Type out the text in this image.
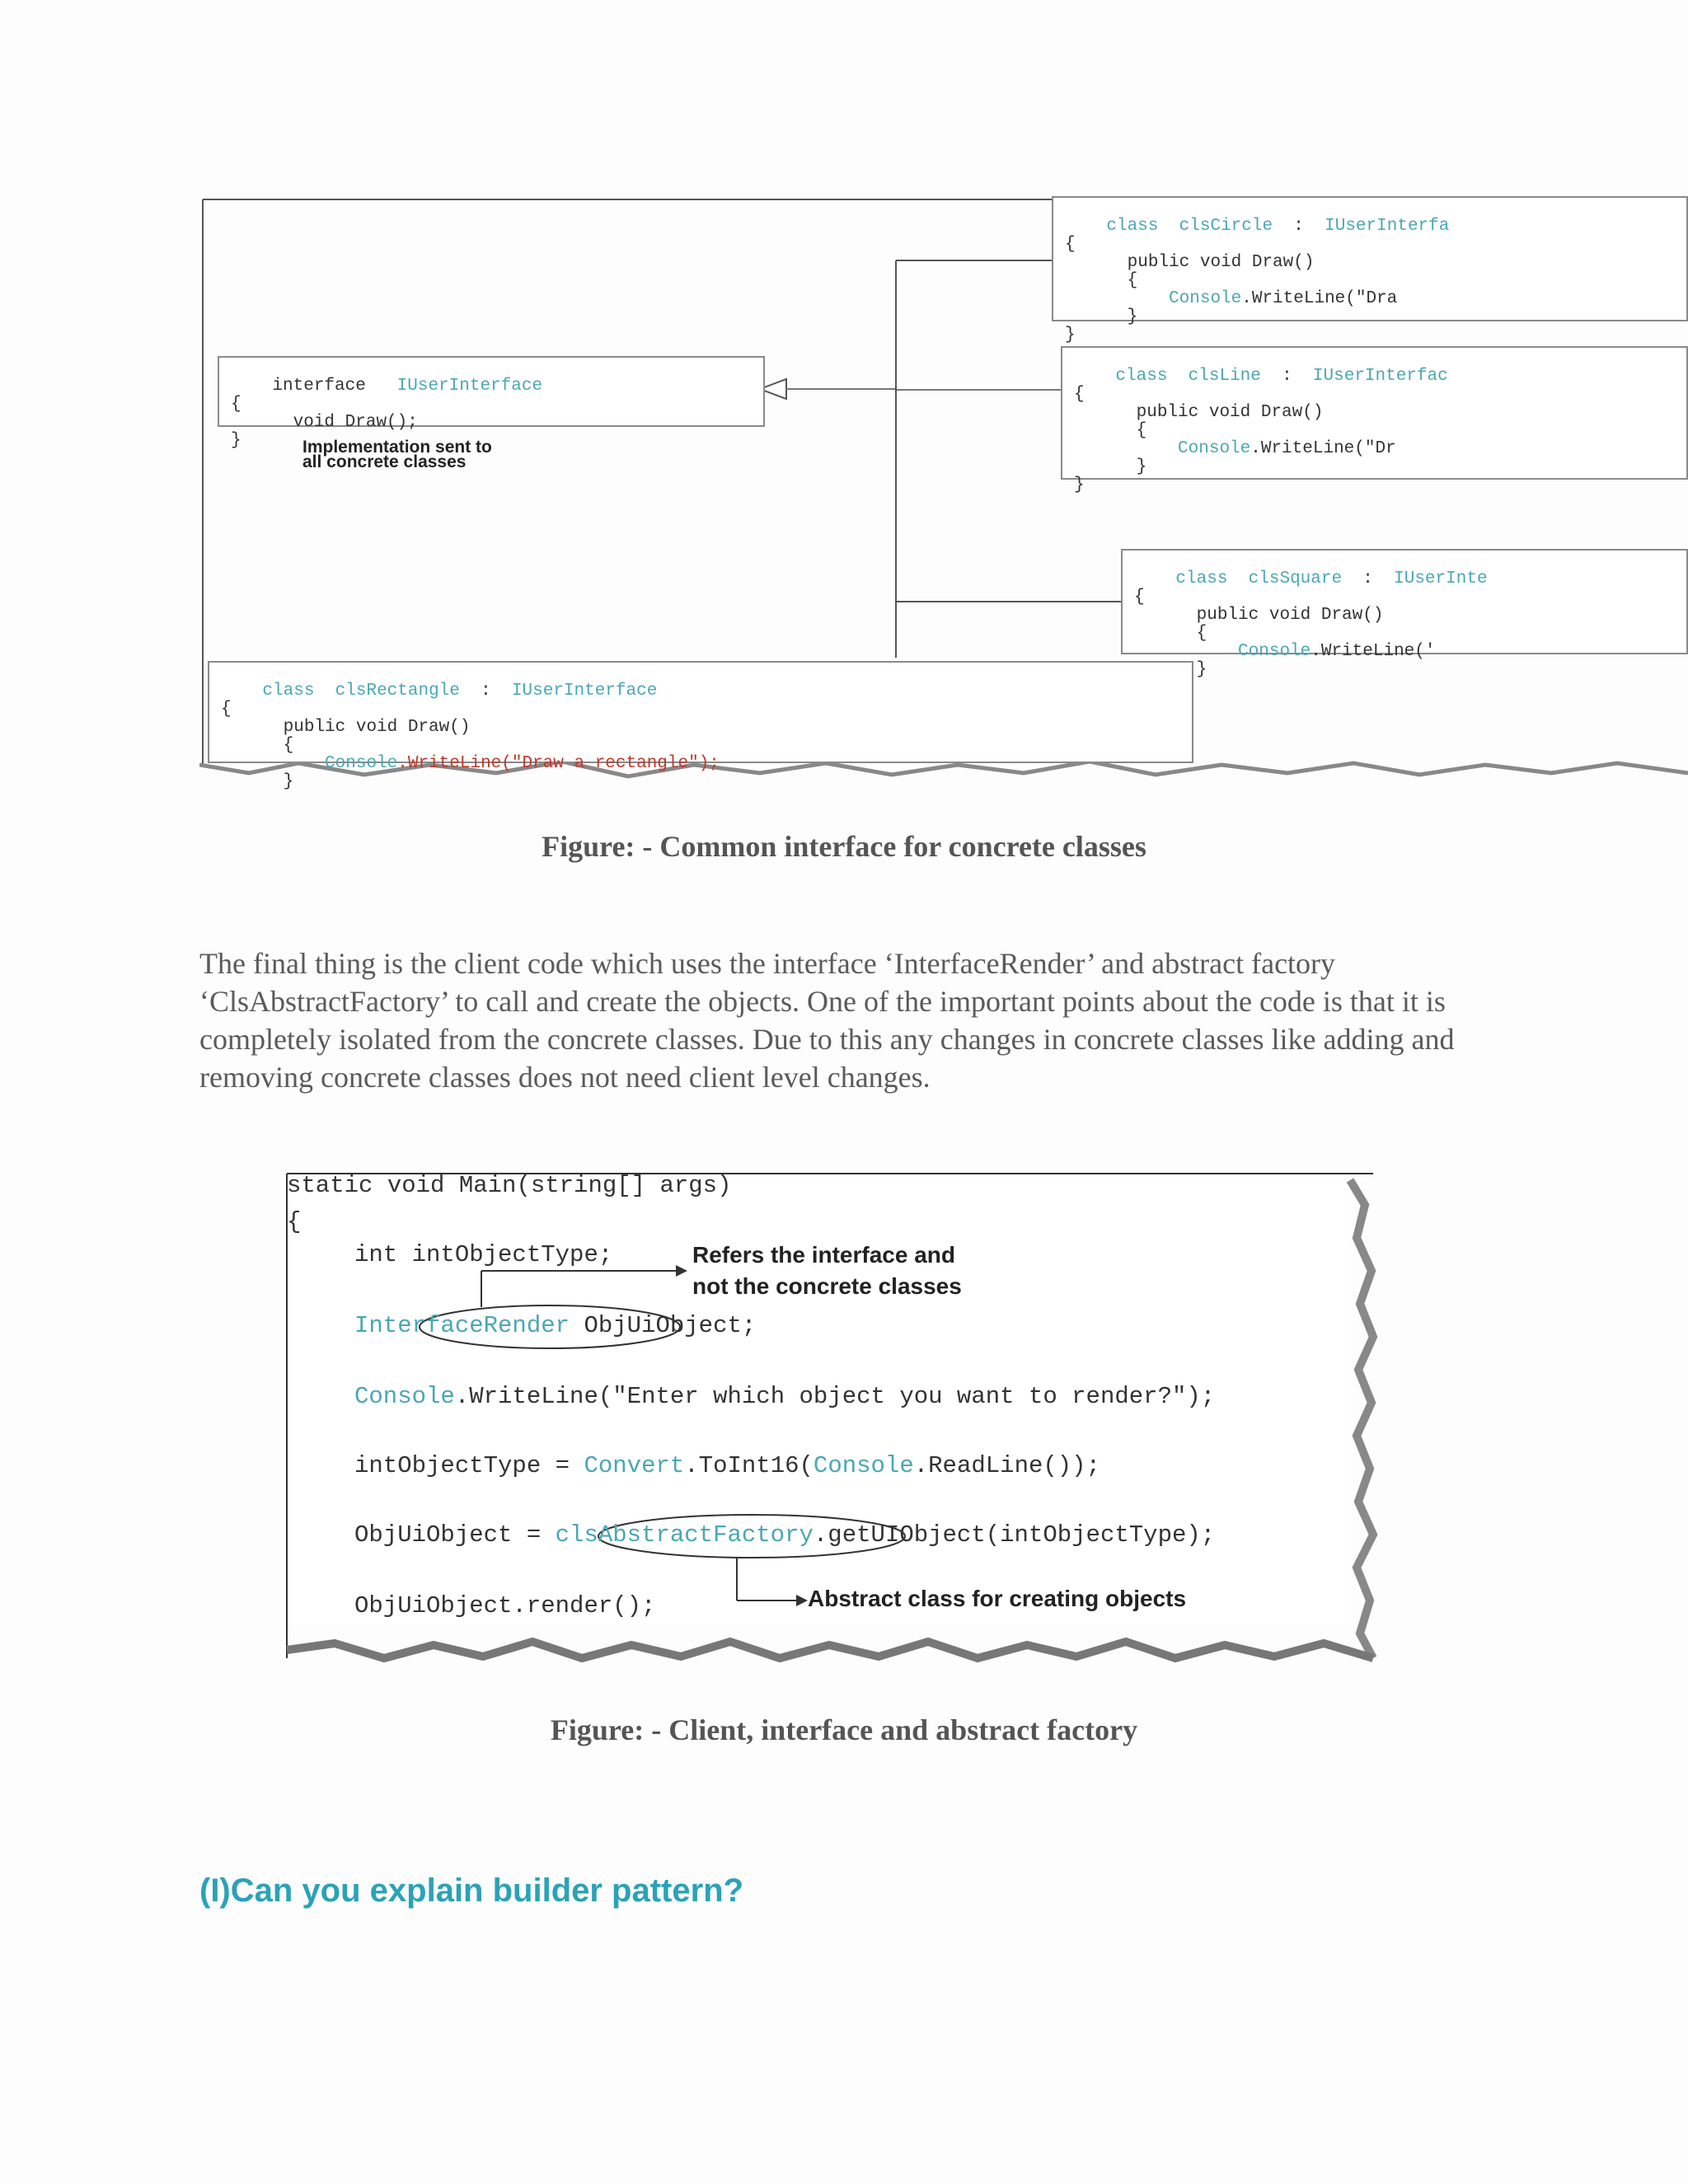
interface IUserInterface
{
void Draw();
}	Implementation sent to
all concrete classes

class clsCircle : IUserInterfa
{
public void Draw()
{
Console.WriteLine("Dra
}
}

class clsLine : IUserInterfac
{
public void Draw()
{
Console.WriteLine("Dr
}
}

class clsSquare : IUserInte
{
public void Draw()
{
Console.WriteLine('
}

class clsRectangle : IUserInterface
{
public void Draw()
{
Console.WriteLine("Draw a rectangle");
}
Figure: - Common interface for concrete classes
The final thing is the client code which uses the interface ‘InterfaceRender’ and abstract factory ‘ClsAbstractFactory’ to call and create the objects. One of the important points about the code is that it is completely isolated from the concrete classes. Due to this any changes in concrete classes like adding and removing concrete classes does not need client level changes.
static void Main(string[] args)
{
int intObjectType;
InterfaceRender ObjUiObject;
Console.WriteLine("Enter which object you want to render?");
intObjectType = Convert.ToInt16(Console.ReadLine());
ObjUiObject = clsAbstractFactory.getUIObject(intObjectType);
ObjUiObject.render();
Refers the interface and
not the concrete classes
Abstract class for creating objects
Figure: - Client, interface and abstract factory
(I)Can you explain builder pattern?
